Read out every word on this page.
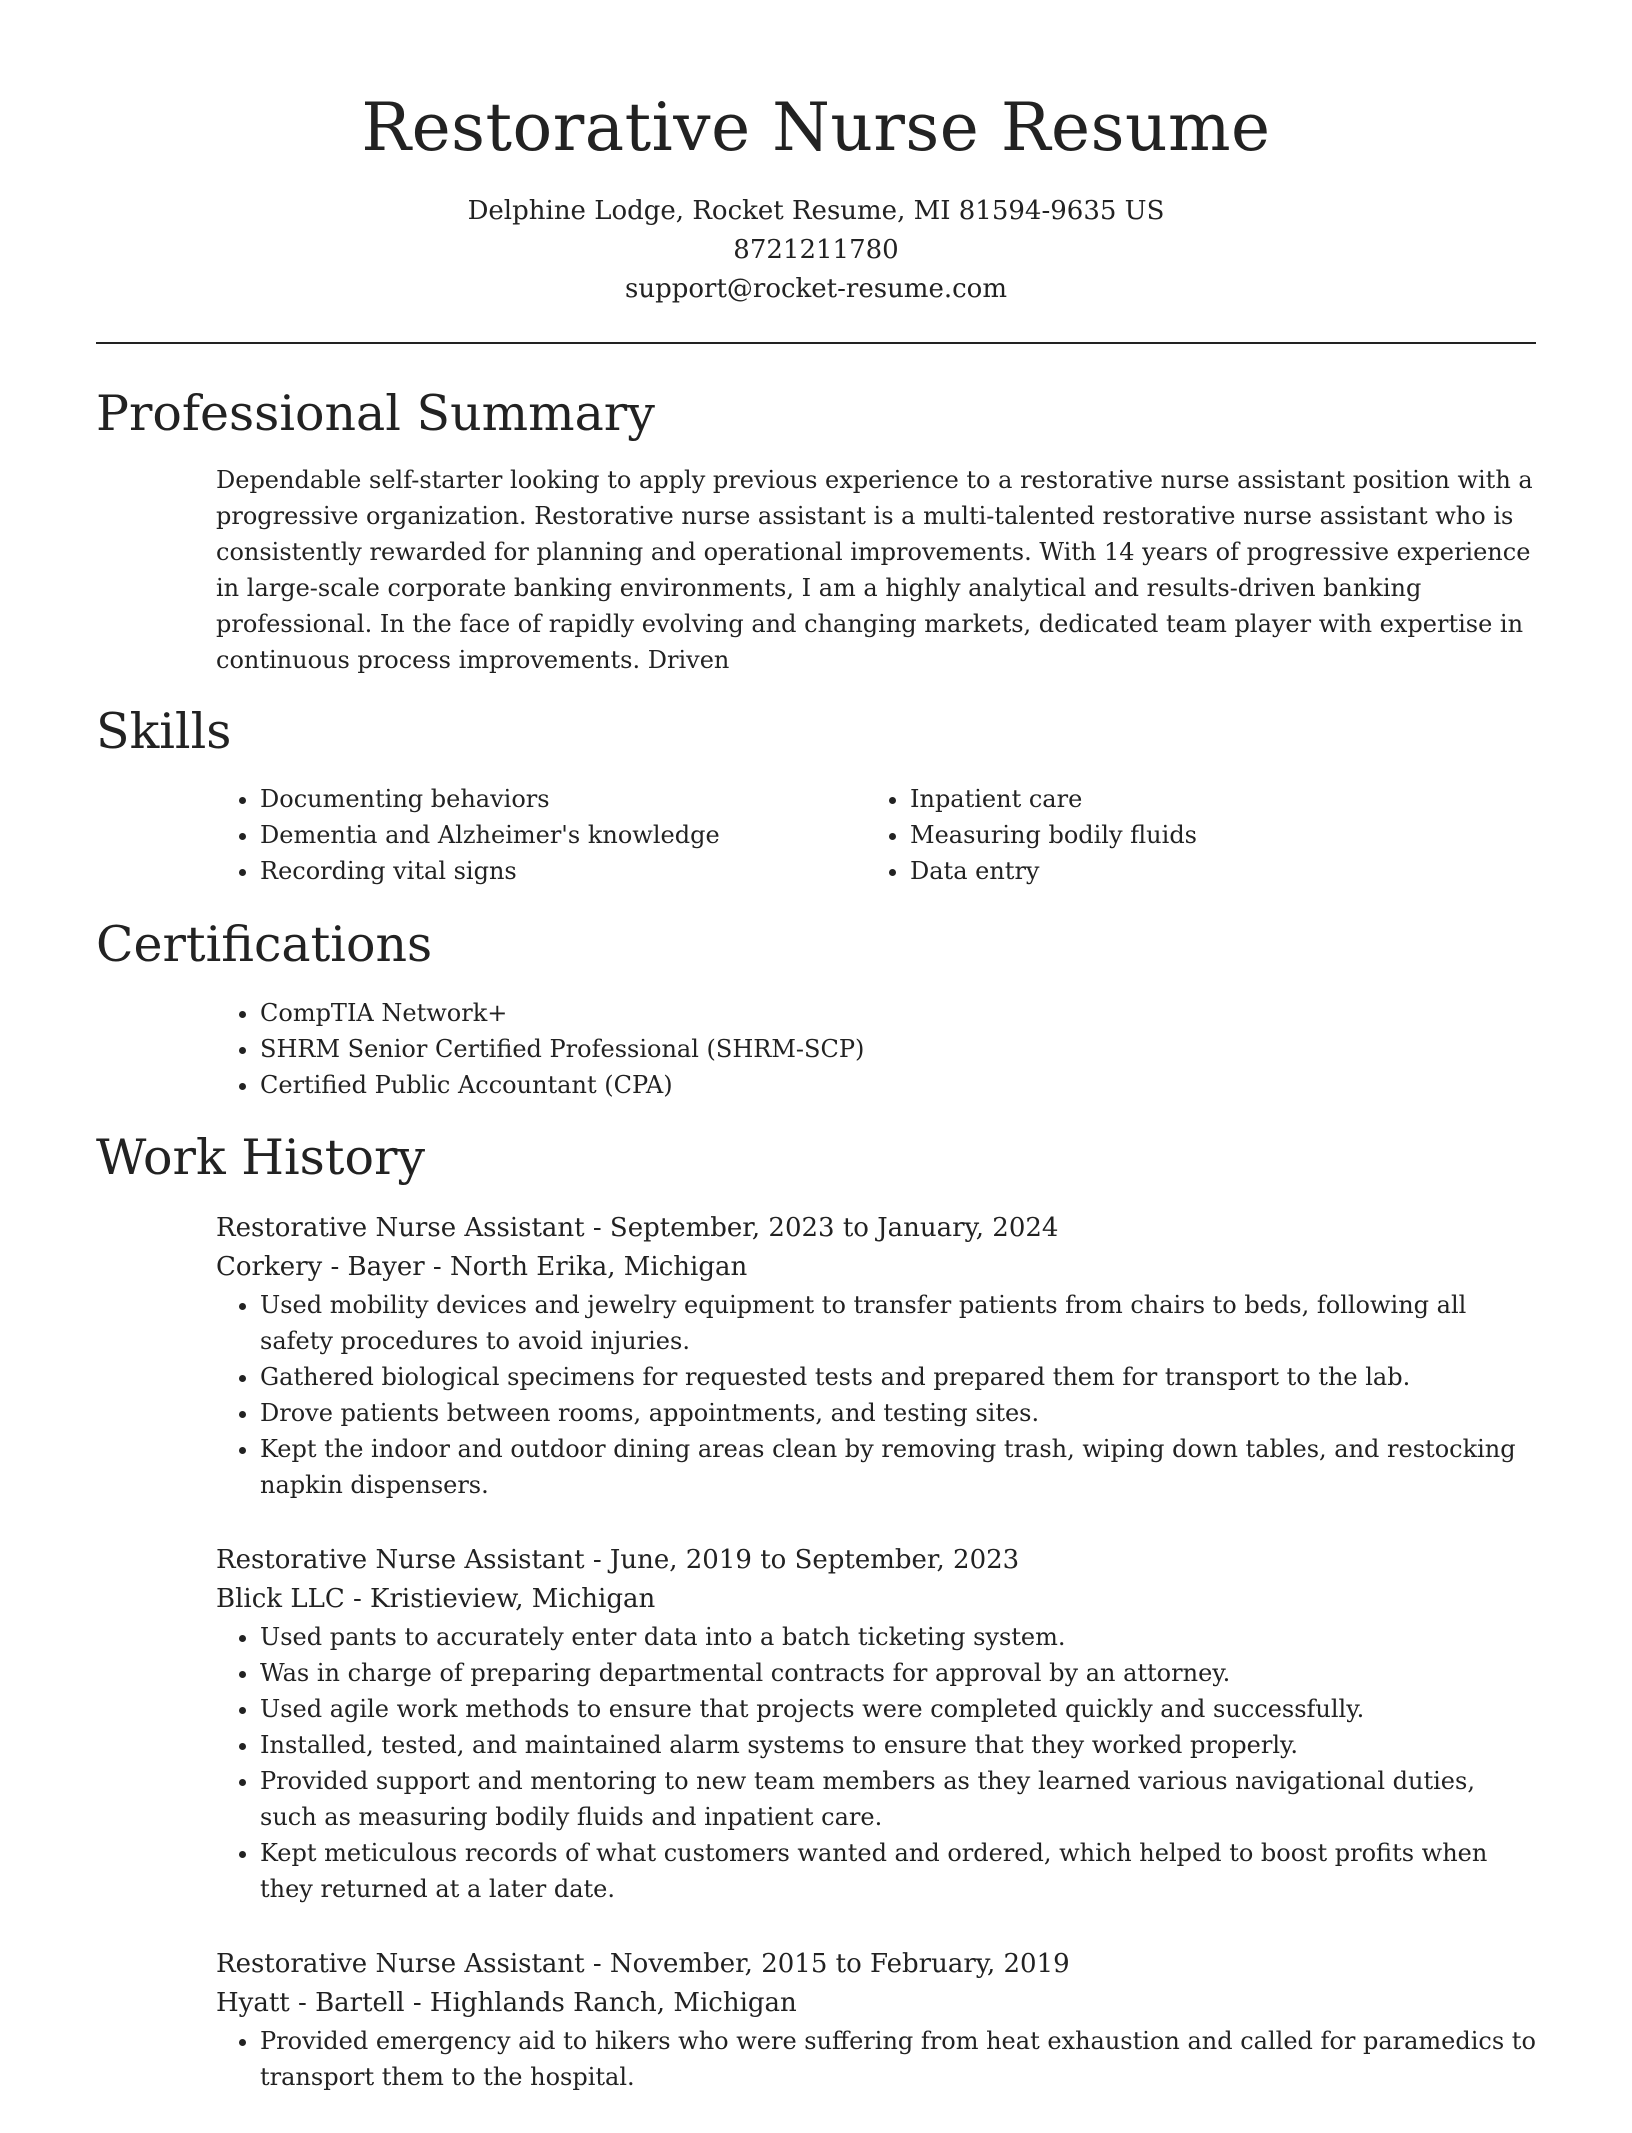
Restorative Nurse Resume
Delphine Lodge, Rocket Resume, MI 81594-9635 US
8721211780
support@rocket-resume.com
Professional Summary

Dependable self-starter looking to apply previous experience to a restorative nurse assistant position with a progressive organization. Restorative nurse assistant is a multi-talented restorative nurse assistant who is consistently rewarded for planning and operational improvements. With 14 years of progressive experience in large-scale corporate banking environments, I am a highly analytical and results-driven banking professional. In the face of rapidly evolving and changing markets, dedicated team player with expertise in continuous process improvements. Driven

Skills
• Documenting behaviors
• Dementia and Alzheimer's knowledge
• Recording vital signs
• Inpatient care
• Measuring bodily fluids
• Data entry
Certifications
• CompTIA Network+
• SHRM Senior Certified Professional (SHRM-SCP)
• Certified Public Accountant (CPA)
Work History
Restorative Nurse Assistant - September, 2023 to January, 2024
Corkery - Bayer - North Erika, Michigan
• Used mobility devices and jewelry equipment to transfer patients from chairs to beds, following all safety procedures to avoid injuries.
• Gathered biological specimens for requested tests and prepared them for transport to the lab.
• Drove patients between rooms, appointments, and testing sites.
• Kept the indoor and outdoor dining areas clean by removing trash, wiping down tables, and restocking napkin dispensers.
Restorative Nurse Assistant - June, 2019 to September, 2023
Blick LLC - Kristieview, Michigan
• Used pants to accurately enter data into a batch ticketing system.
• Was in charge of preparing departmental contracts for approval by an attorney.
• Used agile work methods to ensure that projects were completed quickly and successfully.
• Installed, tested, and maintained alarm systems to ensure that they worked properly.
• Provided support and mentoring to new team members as they learned various navigational duties, such as measuring bodily fluids and inpatient care.
• Kept meticulous records of what customers wanted and ordered, which helped to boost profits when they returned at a later date.
Restorative Nurse Assistant - November, 2015 to February, 2019
Hyatt - Bartell - Highlands Ranch, Michigan
• Provided emergency aid to hikers who were suffering from heat exhaustion and called for paramedics to transport them to the hospital.
